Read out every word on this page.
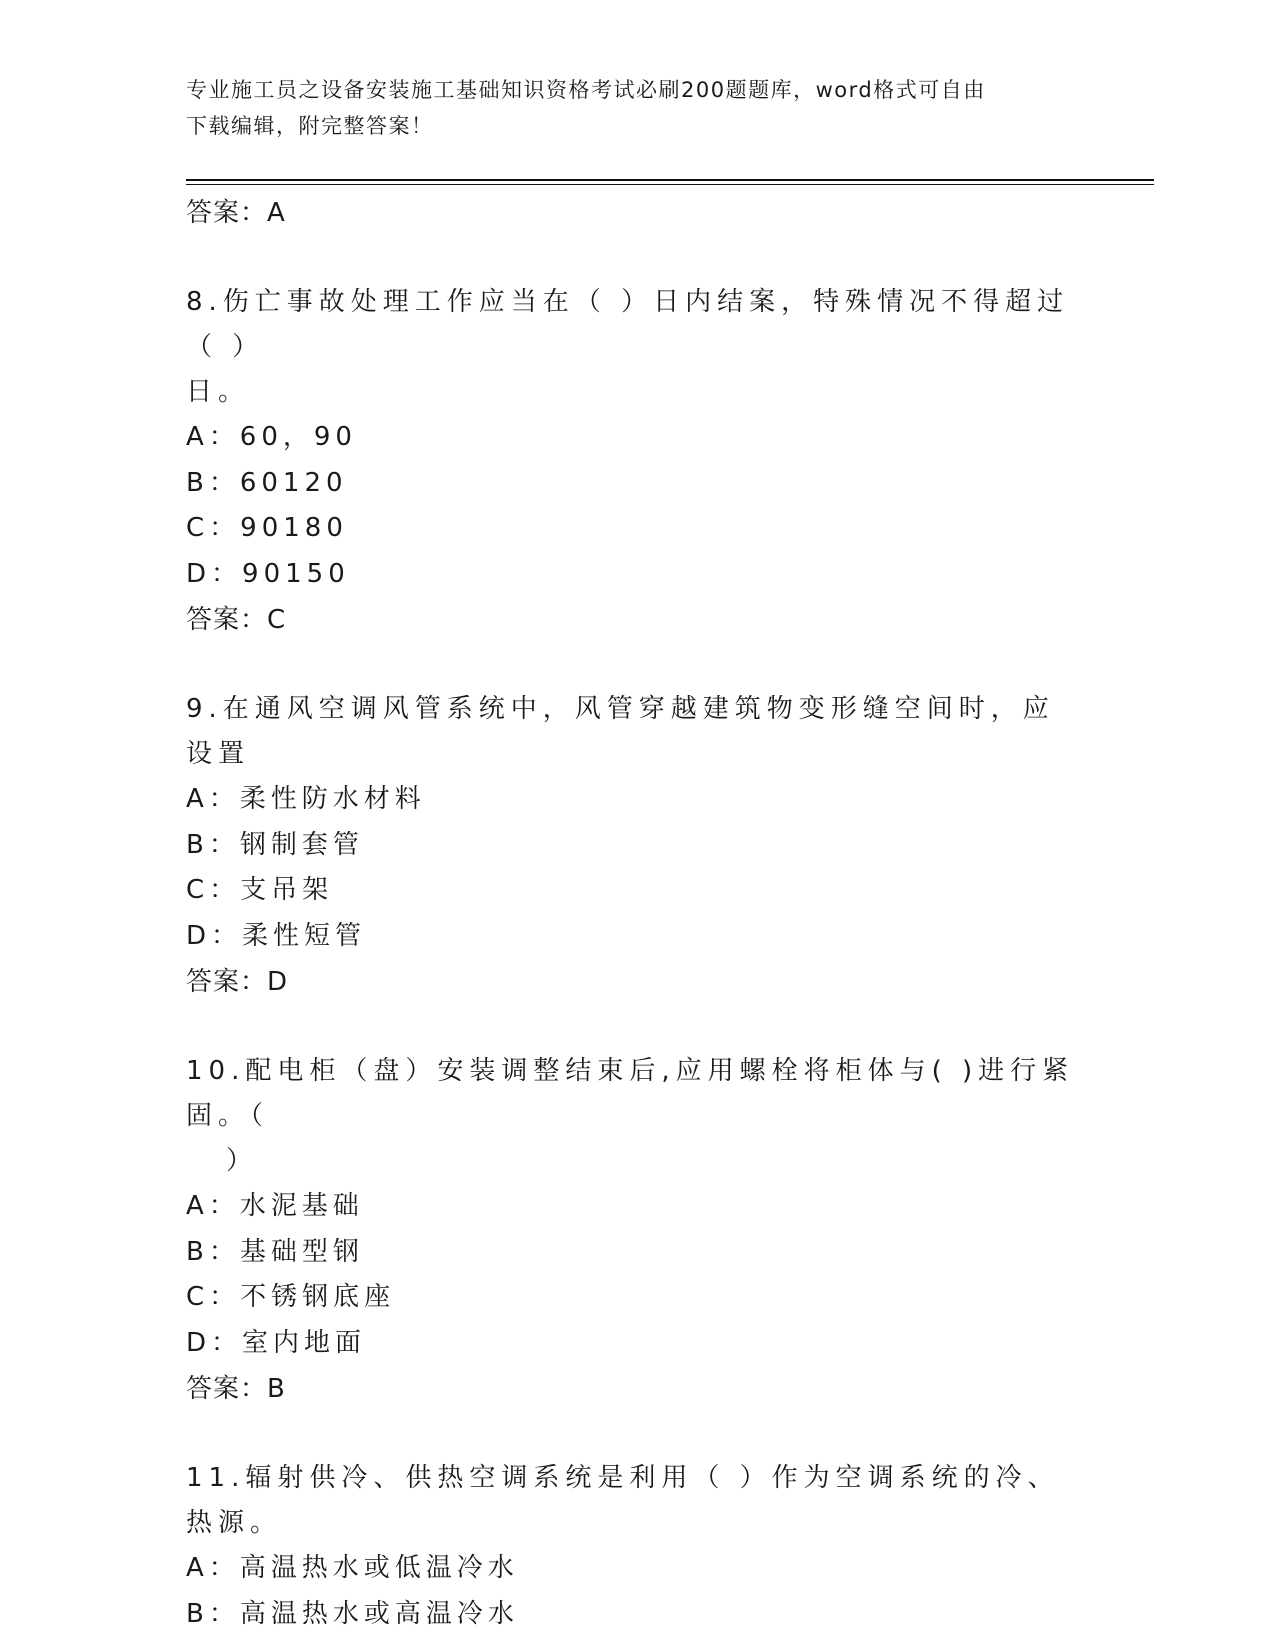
专业施工员之设备安装施工基础知识资格考试必刷200题题库，word格式可自由
下载编辑，附完整答案！
答案：A
8.伤亡事故处理工作应当在（ ）日内结案，特殊情况不得超过（ ）
日。
A：60，90
B：60120
C：90180
D：90150
答案：C
9.在通风空调风管系统中，风管穿越建筑物变形缝空间时，应设置
A：柔性防水材料
B：钢制套管
C：支吊架
D：柔性短管
答案：D
10.配电柜（盘）安装调整结束后,应用螺栓将柜体与( )进行紧固。（
）
A：水泥基础
B：基础型钢
C：不锈钢底座
D：室内地面
答案：B
11.辐射供冷、供热空调系统是利用（ ）作为空调系统的冷、热源。
A：高温热水或低温冷水
B：高温热水或高温冷水
